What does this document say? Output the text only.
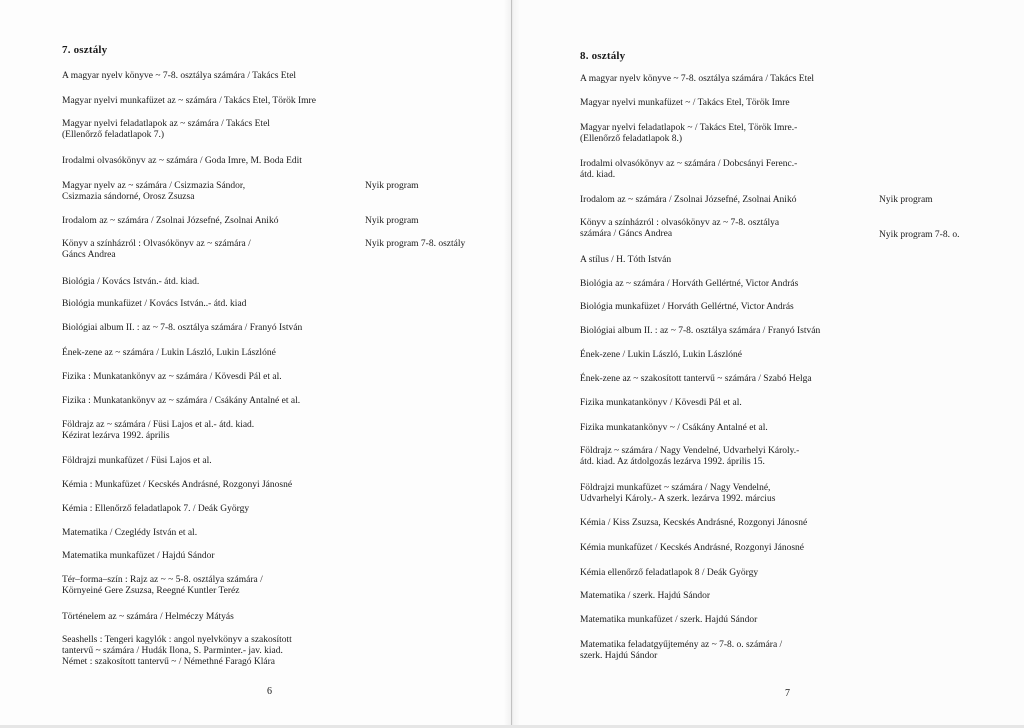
7. osztály
A magyar nyelv könyve ~ 7-8. osztálya számára / Takács Etel
Magyar nyelvi munkafüzet az ~ számára / Takács Etel, Török Imre
Magyar nyelvi feladatlapok az ~ számára / Takács Etel
(Ellenőrző feladatlapok 7.)
Irodalmi olvasókönyv az ~ számára / Goda Imre, M. Boda Edit
Magyar nyelv az ~ számára / Csizmazia Sándor,
Csizmazia sándorné, Orosz Zsuzsa
Irodalom az ~ számára / Zsolnai Józsefné, Zsolnai Anikó
Könyv a színházról : Olvasókönyv az ~ számára /
Gáncs Andrea
Biológia / Kovács István.- átd. kiad.
Biológia munkafüzet / Kovács István..- átd. kiad
Biológiai album II. : az ~ 7-8. osztálya számára / Franyó István
Ének-zene az ~ számára / Lukin László, Lukin Lászlóné
Fizika : Munkatankönyv az ~ számára / Kövesdi Pál et al.
Fizika : Munkatankönyv az ~ számára / Csákány Antalné et al.
Földrajz az ~ számára / Füsi Lajos et al.- átd. kiad.
Kézirat lezárva 1992. április
Földrajzi munkafüzet / Füsi Lajos et al.
Kémia : Munkafüzet / Kecskés Andrásné, Rozgonyi Jánosné
Kémia : Ellenőrző feladatlapok 7. / Deák György
Matematika / Czeglédy István et al.
Matematika munkafüzet / Hajdú Sándor
Tér–forma–szín : Rajz az ~ ~ 5-8. osztálya számára /
Környeiné Gere Zsuzsa, Reegné Kuntler Teréz
Történelem az ~ számára / Helméczy Mátyás
Seashells : Tengeri kagylók : angol nyelvkönyv a szakosított
tantervű ~ számára / Hudák Ilona, S. Parminter.- jav. kiad.
Német : szakosított tantervű ~ / Némethné Faragó Klára
Nyik program
Nyik program
Nyik program 7-8. osztály
6
8. osztály
A magyar nyelv könyve ~ 7-8. osztálya számára / Takács Etel
Magyar nyelvi munkafüzet ~ / Takács Etel, Török Imre
Magyar nyelvi feladatlapok ~ / Takács Etel, Török Imre.-
(Ellenőrző feladatlapok 8.)
Irodalmi olvasókönyv az ~ számára / Dobcsányi Ferenc.-
átd. kiad.
Irodalom az ~ számára / Zsolnai Józsefné, Zsolnai Anikó
Könyv a színházról : olvasókönyv az ~ 7-8. osztálya
számára / Gáncs Andrea
A stílus / H. Tóth István
Biológia az ~ számára / Horváth Gellértné, Victor András
Biológia munkafüzet / Horváth Gellértné, Victor András
Biológiai album II. : az ~ 7-8. osztálya számára / Franyó István
Ének-zene / Lukin László, Lukin Lászlóné
Ének-zene az ~ szakosított tantervű ~ számára / Szabó Helga
Fizika munkatankönyv / Kövesdi Pál et al.
Fizika munkatankönyv ~ / Csákány Antalné et al.
Földrajz ~ számára / Nagy Vendelné, Udvarhelyi Károly.-
átd. kiad. Az átdolgozás lezárva 1992. április 15.
Földrajzi munkafüzet ~ számára / Nagy Vendelné,
Udvarhelyi Károly.- A szerk. lezárva 1992. március
Kémia / Kiss Zsuzsa, Kecskés Andrásné, Rozgonyi Jánosné
Kémia munkafüzet / Kecskés Andrásné, Rozgonyi Jánosné
Kémia ellenőrző feladatlapok 8 / Deák György
Matematika / szerk. Hajdú Sándor
Matematika munkafüzet / szerk. Hajdú Sándor
Matematika feladatgyűjtemény az ~ 7-8. o. számára /
szerk. Hajdú Sándor
Nyik program
Nyik program 7-8. o.
7
